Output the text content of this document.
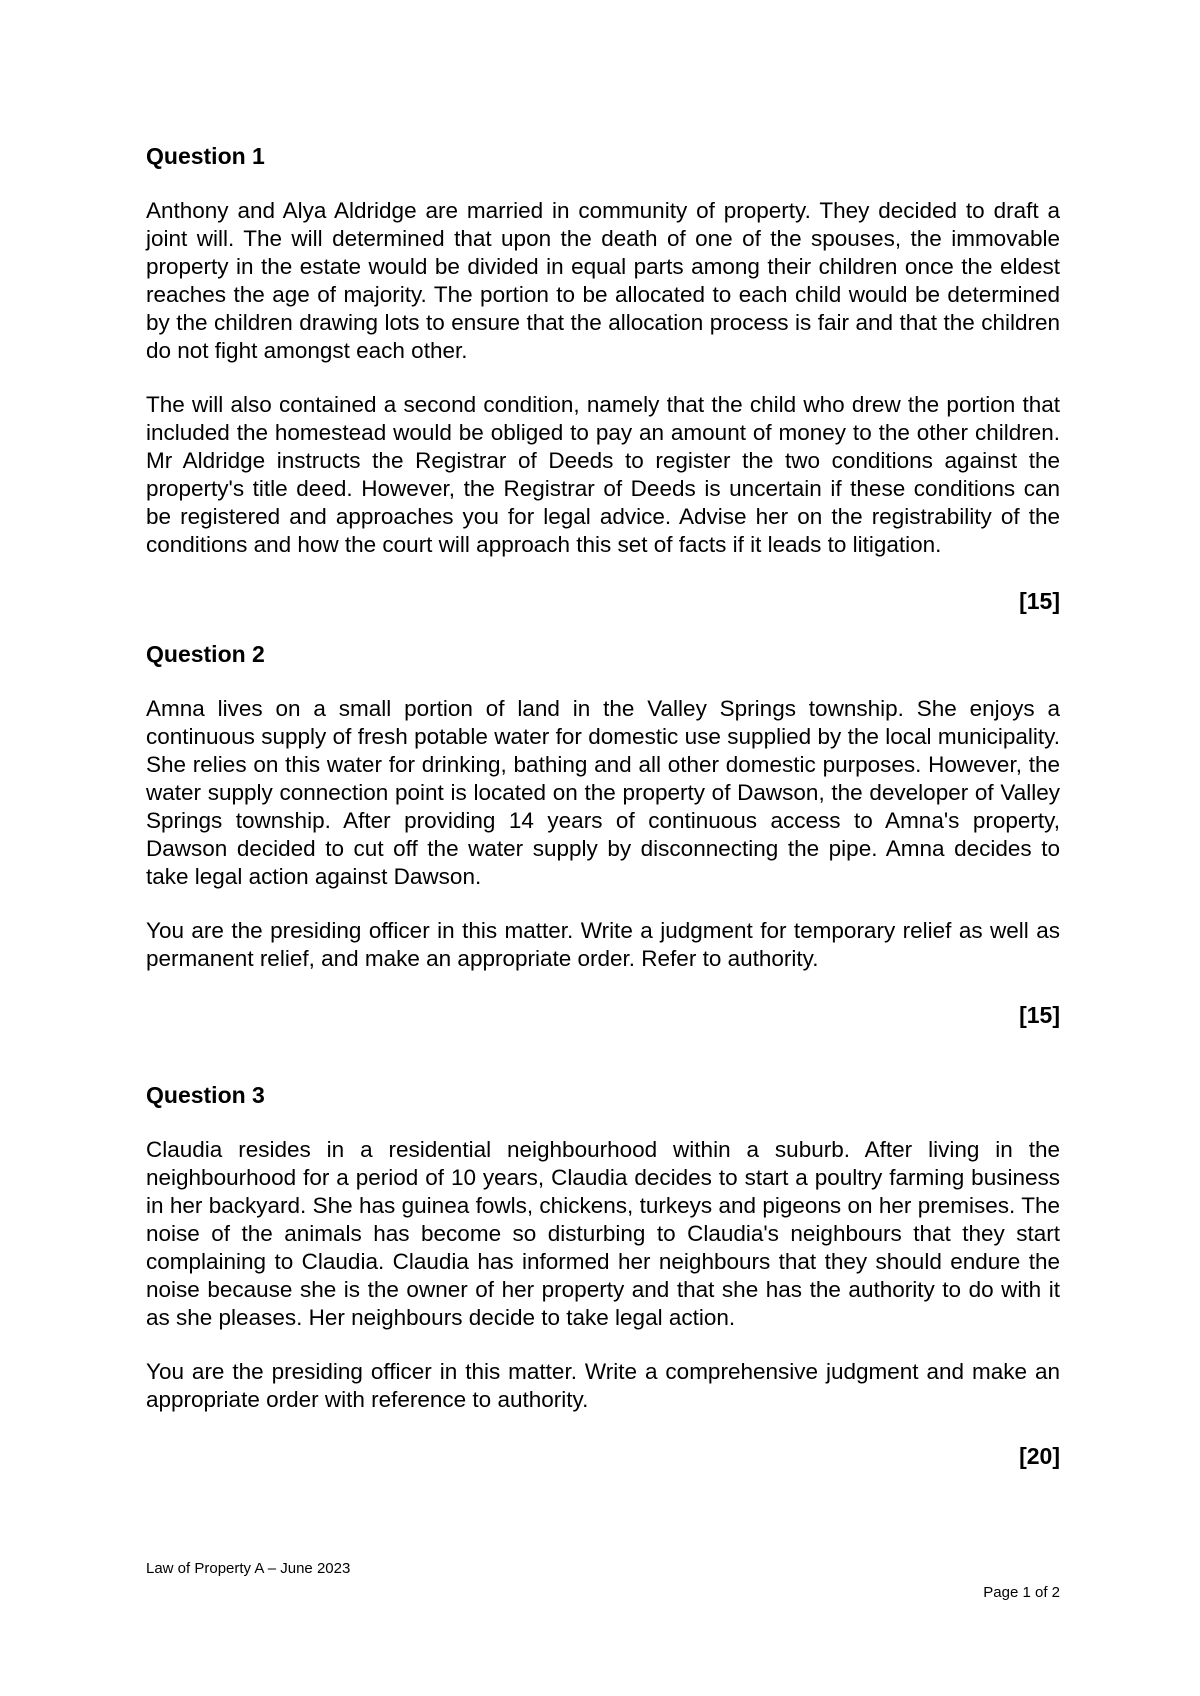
Question 1

Anthony and Alya Aldridge are married in community of property. They decided to draft a joint will. The will determined that upon the death of one of the spouses, the immovable property in the estate would be divided in equal parts among their children once the eldest reaches the age of majority. The portion to be allocated to each child would be determined by the children drawing lots to ensure that the allocation process is fair and that the children do not fight amongst each other.

The will also contained a second condition, namely that the child who drew the portion that included the homestead would be obliged to pay an amount of money to the other children. Mr Aldridge instructs the Registrar of Deeds to register the two conditions against the property's title deed. However, the Registrar of Deeds is uncertain if these conditions can be registered and approaches you for legal advice. Advise her on the registrability of the conditions and how the court will approach this set of facts if it leads to litigation.

[15]

Question 2

Amna lives on a small portion of land in the Valley Springs township. She enjoys a continuous supply of fresh potable water for domestic use supplied by the local municipality. She relies on this water for drinking, bathing and all other domestic purposes. However, the water supply connection point is located on the property of Dawson, the developer of Valley Springs township. After providing 14 years of continuous access to Amna's property, Dawson decided to cut off the water supply by disconnecting the pipe. Amna decides to take legal action against Dawson.

You are the presiding officer in this matter. Write a judgment for temporary relief as well as permanent relief, and make an appropriate order. Refer to authority.

[15]

Question 3

Claudia resides in a residential neighbourhood within a suburb. After living in the neighbourhood for a period of 10 years, Claudia decides to start a poultry farming business in her backyard. She has guinea fowls, chickens, turkeys and pigeons on her premises. The noise of the animals has become so disturbing to Claudia's neighbours that they start complaining to Claudia. Claudia has informed her neighbours that they should endure the noise because she is the owner of her property and that she has the authority to do with it as she pleases. Her neighbours decide to take legal action.

You are the presiding officer in this matter. Write a comprehensive judgment and make an appropriate order with reference to authority.

[20]

Law of Property A – June 2023
Page 1 of 2
